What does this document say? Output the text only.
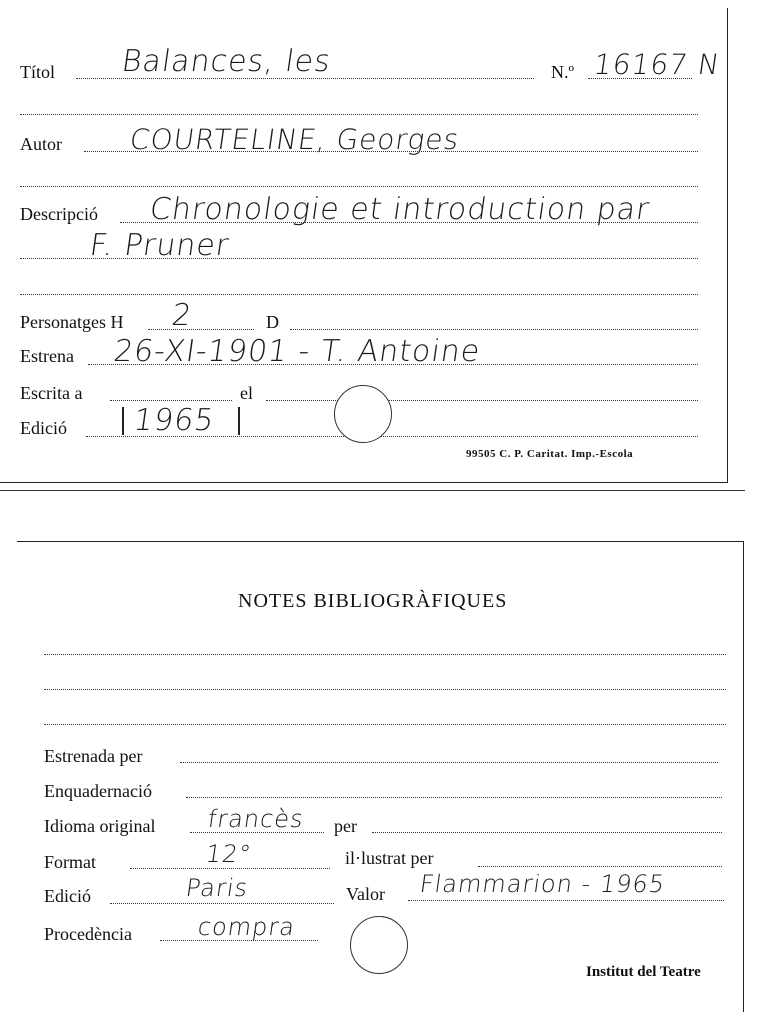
Títol Balances, les	N.º 16167 N
Autor COURTELINE, Georges
Descripció Chronologie et introduction par
F. Pruner
Personatges H 2	D
Estrena 26-XI-1901 - T. Antoine
Escrita a	el
Edició 1965
99505 C. P. Caritat. Imp.-Escola
NOTES BIBLIOGRÀFIQUES
Estrenada per
Enquadernació
Idioma original francès per
Format	12°	il·lustrat per
Edició	Paris	Valor Flammarion - 1965
Procedència	compra
Institut del Teatre
